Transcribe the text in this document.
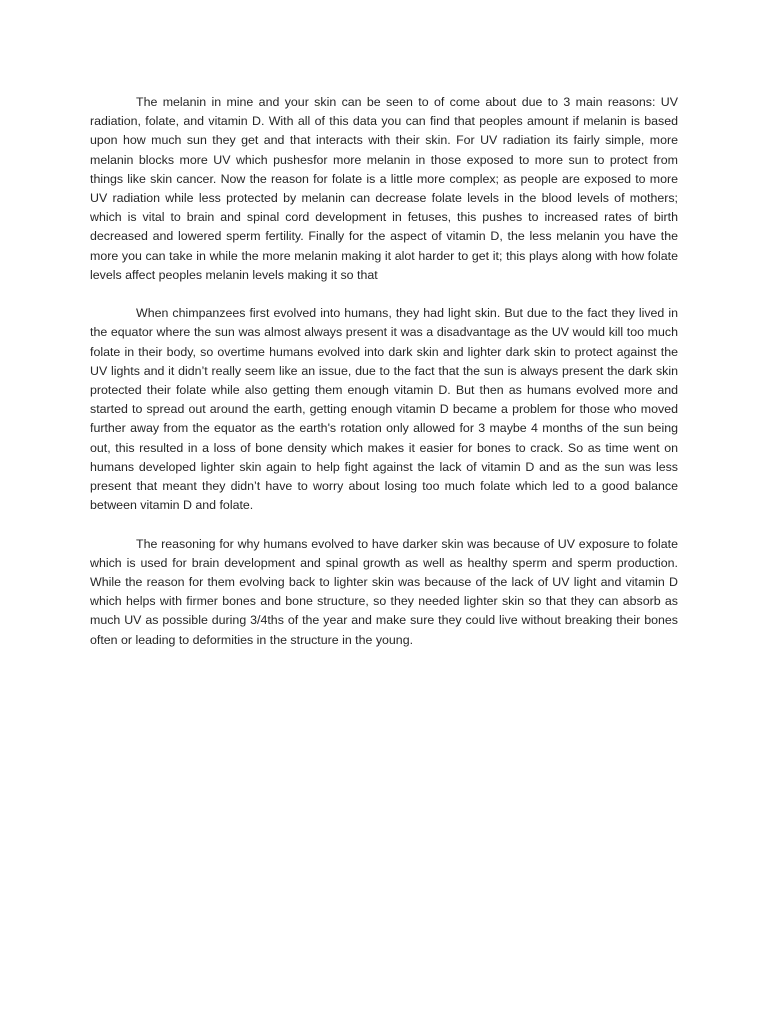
The melanin in mine and your skin can be seen to of come about due to 3 main reasons: UV radiation, folate, and vitamin D. With all of this data you can find that peoples amount if melanin is based upon how much sun they get and that interacts with their skin. For UV radiation its fairly simple, more melanin blocks more UV which pushesfor more melanin in those exposed to more sun to protect from things like skin cancer. Now the reason for folate is a little more complex; as people are exposed to more UV radiation while less protected by melanin can decrease folate levels in the blood levels of mothers; which is vital to brain and spinal cord development in fetuses, this pushes to increased rates of birth decreased and lowered sperm fertility. Finally for the aspect of vitamin D, the less melanin you have the more you can take in while the more melanin making it alot harder to get it; this plays along with how folate levels affect peoples melanin levels making it so that

When chimpanzees first evolved into humans, they had light skin. But due to the fact they lived in the equator where the sun was almost always present it was a disadvantage as the UV would kill too much folate in their body, so overtime humans evolved into dark skin and lighter dark skin to protect against the UV lights and it didn’t really seem like an issue, due to the fact that the sun is always present the dark skin protected their folate while also getting them enough vitamin D. But then as humans evolved more and started to spread out around the earth, getting enough vitamin D became a problem for those who moved further away from the equator as the earth's rotation only allowed for 3 maybe 4 months of the sun being out, this resulted in a loss of bone density which makes it easier for bones to crack. So as time went on humans developed lighter skin again to help fight against the lack of vitamin D and as the sun was less present that meant they didn’t have to worry about losing too much folate which led to a good balance between vitamin D and folate.

The reasoning for why humans evolved to have darker skin was because of UV exposure to folate which is used for brain development and spinal growth as well as healthy sperm and sperm production. While the reason for them evolving back to lighter skin was because of the lack of UV light and vitamin D which helps with firmer bones and bone structure, so they needed lighter skin so that they can absorb as much UV as possible during 3/4ths of the year and make sure they could live without breaking their bones often or leading to deformities in the structure in the young.
